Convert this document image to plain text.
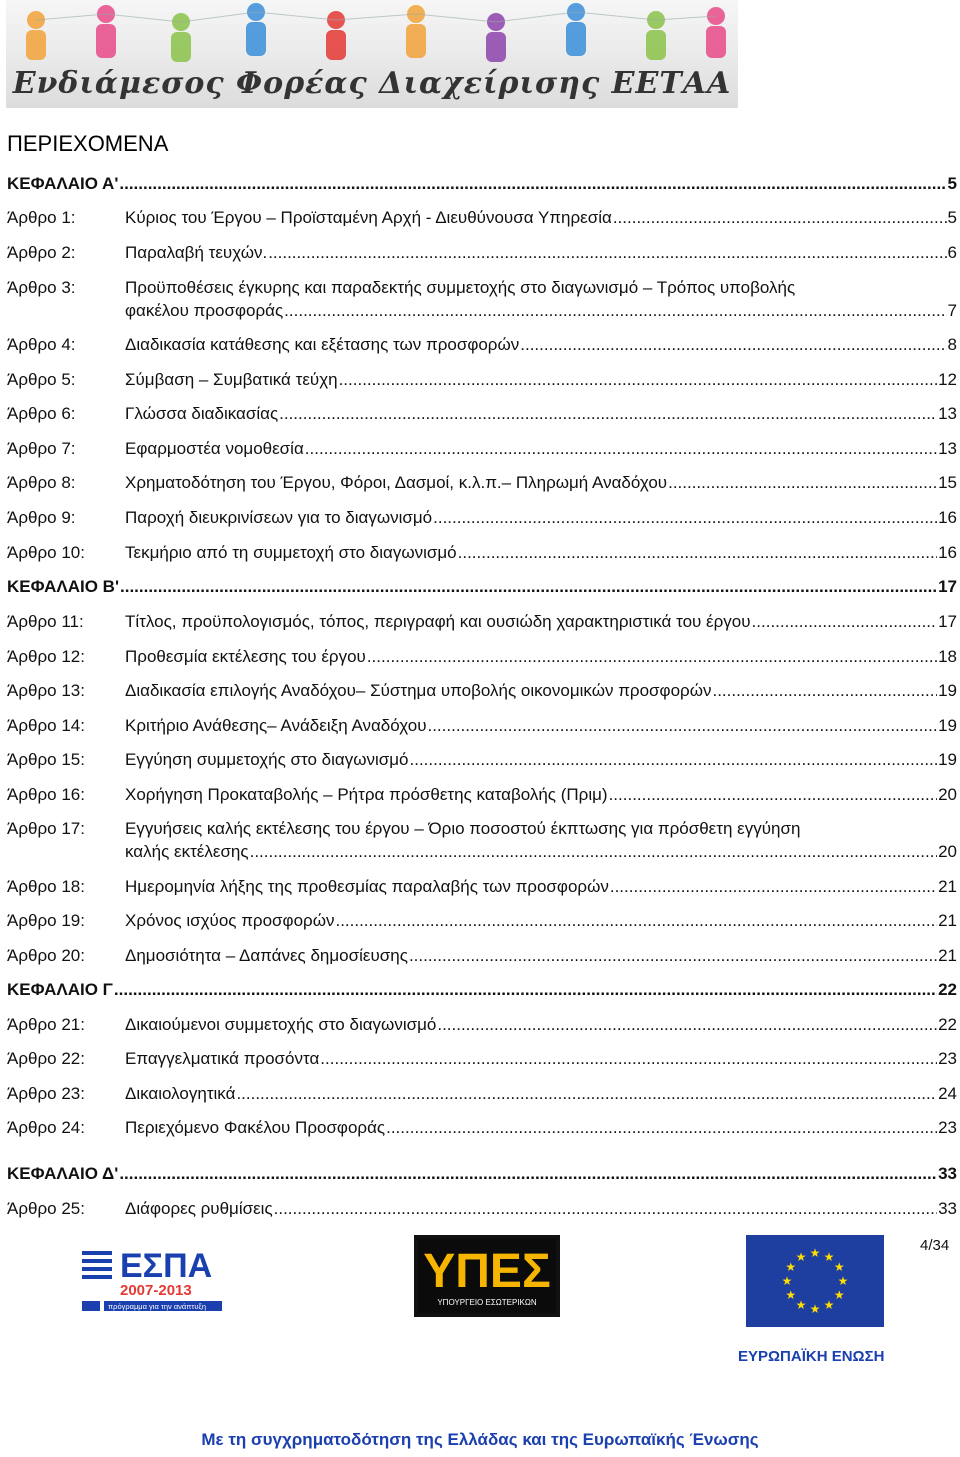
Ενδιάμεσος Φορέας Διαχείρισης ΕΕΤΑΑ
ΠΕΡΙΕΧΟΜΕΝΑ
ΚΕΦΑΛΑΙΟ Α' .....	5
Άρθρο 1:	Κύριος του Έργου – Προϊσταμένη Αρχή - Διευθύνουσα Υπηρεσία .....	5
Άρθρο 2:	Παραλαβή τευχών. .....	6
Άρθρο 3:	Προϋποθέσεις έγκυρης και παραδεκτής συμμετοχής στο διαγωνισμό – Τρόπος υποβολής
φακέλου προσφοράς .....	7
Άρθρο 4:	Διαδικασία κατάθεσης και εξέτασης των προσφορών .....	8
Άρθρο 5:	Σύμβαση – Συμβατικά τεύχη .....	12
Άρθρο 6:	Γλώσσα διαδικασίας .....	13
Άρθρο 7:	Εφαρμοστέα νομοθεσία .....	13
Άρθρο 8:	Χρηματοδότηση του Έργου, Φόροι, Δασμοί, κ.λ.π.– Πληρωμή Αναδόχου .....	15
Άρθρο 9:	Παροχή διευκρινίσεων για το διαγωνισμό .....	16
Άρθρο 10:	Τεκμήριο από τη συμμετοχή στο διαγωνισμό .....	16
ΚΕΦΑΛΑΙΟ Β' .....	17
Άρθρο 11:	Τίτλος, προϋπολογισμός, τόπος, περιγραφή και ουσιώδη χαρακτηριστικά του έργου .....	17
Άρθρο 12:	Προθεσμία εκτέλεσης του έργου .....	18
Άρθρο 13:	Διαδικασία επιλογής Αναδόχου– Σύστημα υποβολής οικονομικών προσφορών .....	19
Άρθρο 14:	Κριτήριο Ανάθεσης– Ανάδειξη Αναδόχου .....	19
Άρθρο 15:	Εγγύηση συμμετοχής στο διαγωνισμό .....	19
Άρθρο 16:	Χορήγηση Προκαταβολής – Ρήτρα πρόσθετης καταβολής (Πριμ) .....	20
Άρθρο 17:	Εγγυήσεις καλής εκτέλεσης του έργου – Όριο ποσοστού έκπτωσης για πρόσθετη εγγύηση
καλής εκτέλεσης .....	20
Άρθρο 18:	Ημερομηνία λήξης της προθεσμίας παραλαβής των προσφορών .....	21
Άρθρο 19:	Χρόνος ισχύος προσφορών .....	21
Άρθρο 20:	Δημοσιότητα – Δαπάνες δημοσίευσης .....	21
ΚΕΦΑΛΑΙΟ Γ .....	22
Άρθρο 21:	Δικαιούμενοι συμμετοχής στο διαγωνισμό .....	22
Άρθρο 22:	Επαγγελματικά προσόντα .....	23
Άρθρο 23:	Δικαιολογητικά .....	24
Άρθρο 24:	Περιεχόμενο Φακέλου Προσφοράς .....	23
ΚΕΦΑΛΑΙΟ Δ' .....	33
Άρθρο 25:	Διάφορες ρυθμίσεις .....	33
ΕΣΠΑ
2007-2013
πρόγραμμα για την ανάπτυξη
ΥΠΕΣ
ΥΠΟΥΡΓΕΙΟ ΕΣΩΤΕΡΙΚΩΝ
★ ★
★
★
★
★
★
★
★
★
★
★
4/34
ΕΥΡΩΠΑΪΚΗ ΕΝΩΣΗ
Με τη συγχρηματοδότηση της Ελλάδας και της Ευρωπαϊκής Ένωσης
